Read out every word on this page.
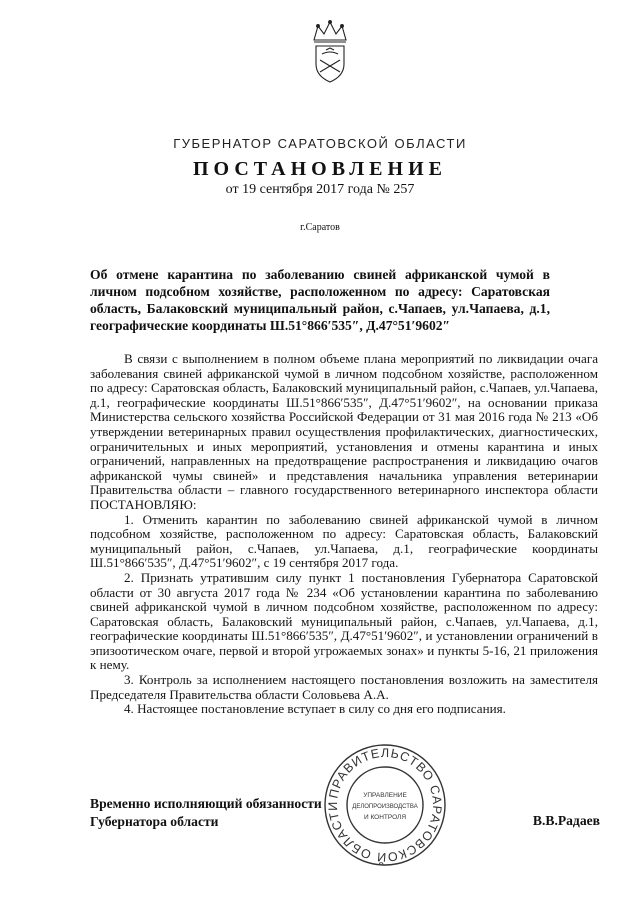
ГУБЕРНАТОР САРАТОВСКОЙ ОБЛАСТИ
ПОСТАНОВЛЕНИЕ
от 19 сентября 2017 года № 257
г.Саратов
Об отмене карантина по заболеванию свиней африканской чумой в личном подсобном хозяйстве, расположенном по адресу: Саратовская область, Балаковский муниципальный район, с.Чапаев, ул.Чапаева, д.1, географические координаты Ш.51°866′535″, Д.47°51′9602″

В связи с выполнением в полном объеме плана мероприятий по ликвидации очага заболевания свиней африканской чумой в личном подсобном хозяйстве, расположенном по адресу: Саратовская область, Балаковский муниципальный район, с.Чапаев, ул.Чапаева, д.1, географические координаты Ш.51°866′535″, Д.47°51′9602″, на основании приказа Министерства сельского хозяйства Российской Федерации от 31 мая 2016 года № 213 «Об утверждении ветеринарных правил осуществления профилактических, диагностических, ограничительных и иных мероприятий, установления и отмены карантина и иных ограничений, направленных на предотвращение распространения и ликвидацию очагов африканской чумы свиней» и представления начальника управления ветеринарии Правительства области – главного государственного ветеринарного инспектора области ПОСТАНОВЛЯЮ:

1. Отменить карантин по заболеванию свиней африканской чумой в личном подсобном хозяйстве, расположенном по адресу: Саратовская область, Балаковский муниципальный район, с.Чапаев, ул.Чапаева, д.1, географические координаты Ш.51°866′535″, Д.47°51′9602″, с 19 сентября 2017 года.

2. Признать утратившим силу пункт 1 постановления Губернатора Саратовской области от 30 августа 2017 года № 234 «Об установлении карантина по заболеванию свиней африканской чумой в личном подсобном хозяйстве, расположенном по адресу: Саратовская область, Балаковский муниципальный район, с.Чапаев, ул.Чапаева, д.1, географические координаты Ш.51°866′535″, Д.47°51′9602″, и установлении ограничений в эпизоотическом очаге, первой и второй угрожаемых зонах» и пункты 5-16, 21 приложения к нему.

3. Контроль за исполнением настоящего постановления возложить на заместителя Председателя Правительства области Соловьева А.А.

4. Настоящее постановление вступает в силу со дня его подписания.

Временно исполняющий обязанности
Губернатора области	В.В.Радаев
ПРАВИТЕЛЬСТВО САРАТОВСКОЙ ОБЛАСТИ
УПРАВЛЕНИЕ
ДЕЛОПРОИЗВОДСТВА
И КОНТРОЛЯ
